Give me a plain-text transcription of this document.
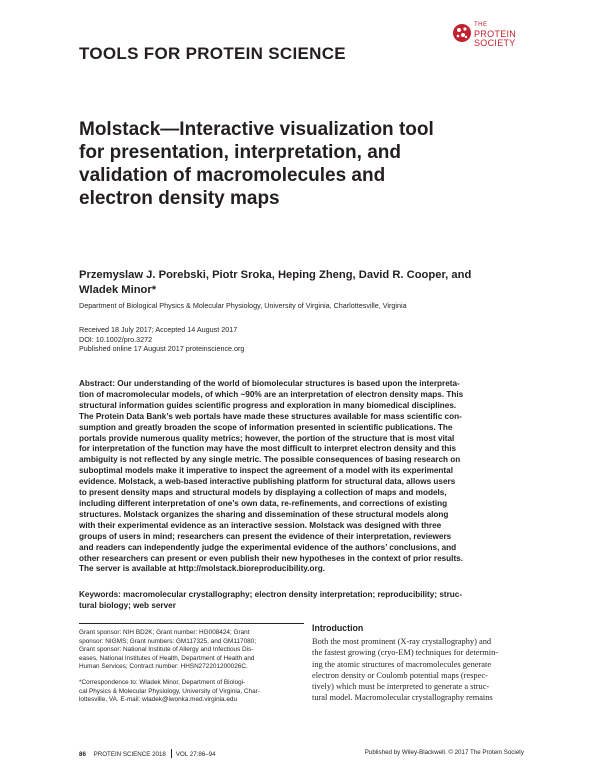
THE
PROTEIN
SOCIETY
TOOLS FOR PROTEIN SCIENCE
Molstack—Interactive visualization tool
for presentation, interpretation, and
validation of macromolecules and
electron density maps

Przemyslaw J. Porebski, Piotr Sroka, Heping Zheng, David R. Cooper, and
Wladek Minor*

Department of Biological Physics & Molecular Physiology, University of Virginia, Charlottesville, Virginia

Received 18 July 2017; Accepted 14 August 2017
DOI: 10.1002/pro.3272
Published online 17 August 2017 proteinscience.org

Abstract: Our understanding of the world of biomolecular structures is based upon the interpreta-
tion of macromolecular models, of which ~90% are an interpretation of electron density maps. This
structural information guides scientific progress and exploration in many biomedical disciplines.
The Protein Data Bank’s web portals have made these structures available for mass scientific con-
sumption and greatly broaden the scope of information presented in scientific publications. The
portals provide numerous quality metrics; however, the portion of the structure that is most vital
for interpretation of the function may have the most difficult to interpret electron density and this
ambiguity is not reflected by any single metric. The possible consequences of basing research on
suboptimal models make it imperative to inspect the agreement of a model with its experimental
evidence. Molstack, a web-based interactive publishing platform for structural data, allows users
to present density maps and structural models by displaying a collection of maps and models,
including different interpretation of one’s own data, re-refinements, and corrections of existing
structures. Molstack organizes the sharing and dissemination of these structural models along
with their experimental evidence as an interactive session. Molstack was designed with three
groups of users in mind; researchers can present the evidence of their interpretation, reviewers
and readers can independently judge the experimental evidence of the authors’ conclusions, and
other researchers can present or even publish their new hypotheses in the context of prior results.
The server is available at http://molstack.bioreproducibility.org.
Keywords: macromolecular crystallography; electron density interpretation; reproducibility; struc-
tural biology; web server
Grant sponsor: NIH BD2K; Grant number: HG008424; Grant
sponsor: NIGMS; Grant numbers: GM117325, and GM117080;
Grant sponsor: National Institute of Allergy and Infectious Dis-
eases, National Institutes of Health, Department of Health and
Human Services; Contract number: HHSN272201200026C.
*Correspondence to: Wladek Minor, Department of Biologi-
cal Physics & Molecular Physiology, University of Virginia, Char-
lottesville, VA. E-mail: wladek@iwonka.med.virginia.edu
Introduction
Both the most prominent (X-ray crystallography) and
the fastest growing (cryo-EM) techniques for determin-
ing the atomic structures of macromolecules generate
electron density or Coulomb potential maps (respec-
tively) which must be interpreted to generate a struc-
tural model. Macromolecular crystallography remains
86 PROTEIN SCIENCE 2018 VOL 27:86–94	Published by Wiley-Blackwell. © 2017 The Protein Society
